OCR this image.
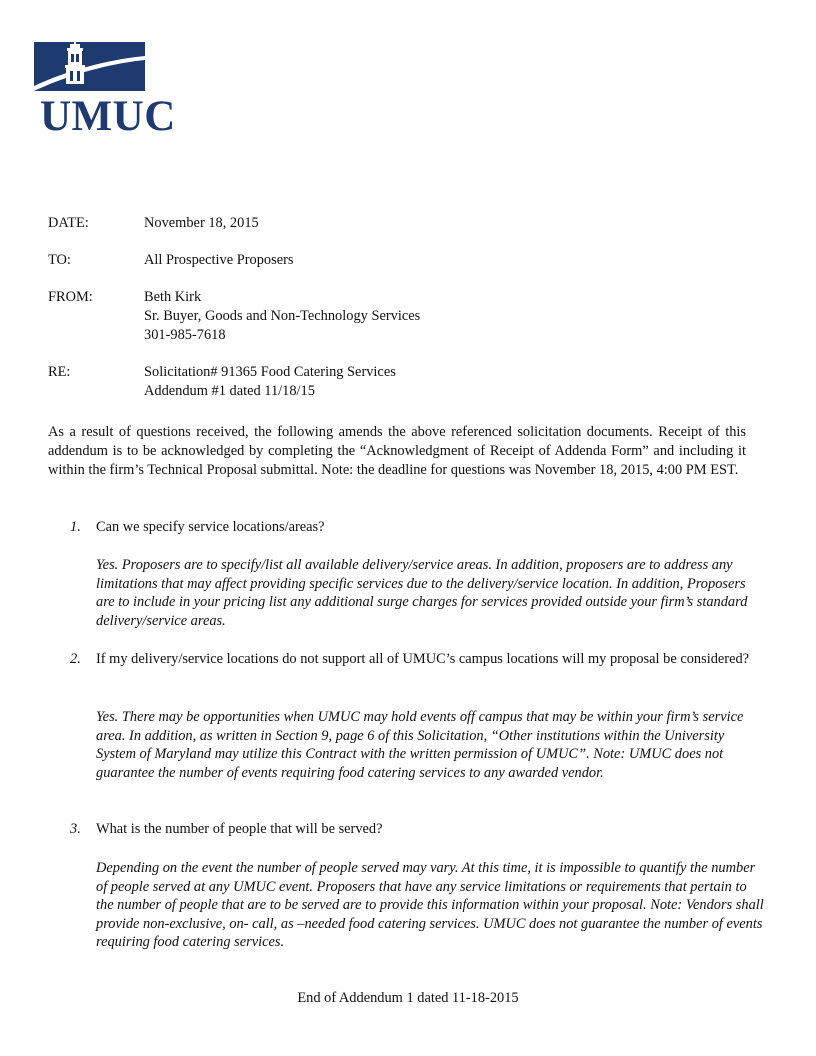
UMUC
DATE:	November 18, 2015
TO:	All Prospective Proposers
FROM:	Beth Kirk
Sr. Buyer, Goods and Non-Technology Services
301-985-7618
RE:	Solicitation# 91365 Food Catering Services
Addendum #1 dated 11/18/15
As a result of questions received, the following amends the above referenced solicitation documents. Receipt of this addendum is to be acknowledged by completing the “Acknowledgment of Receipt of Addenda Form” and including it within the firm’s Technical Proposal submittal. Note: the deadline for questions was November 18, 2015, 4:00 PM EST.
1. Can we specify service locations/areas?
Yes. Proposers are to specify/list all available delivery/service areas. In addition, proposers are to address any limitations that may affect providing specific services due to the delivery/service location. In addition, Proposers are to include in your pricing list any additional surge charges for services provided outside your firm’s standard delivery/service areas.
2. If my delivery/service locations do not support all of UMUC’s campus locations will my proposal be considered?
Yes. There may be opportunities when UMUC may hold events off campus that may be within your firm’s service area. In addition, as written in Section 9, page 6 of this Solicitation, “Other institutions within the University System of Maryland may utilize this Contract with the written permission of UMUC”. Note: UMUC does not guarantee the number of events requiring food catering services to any awarded vendor.
3. What is the number of people that will be served?
Depending on the event the number of people served may vary. At this time, it is impossible to quantify the number of people served at any UMUC event. Proposers that have any service limitations or requirements that pertain to the number of people that are to be served are to provide this information within your proposal. Note: Vendors shall provide non-exclusive, on- call, as –needed food catering services. UMUC does not guarantee the number of events requiring food catering services.
End of Addendum 1 dated 11-18-2015
